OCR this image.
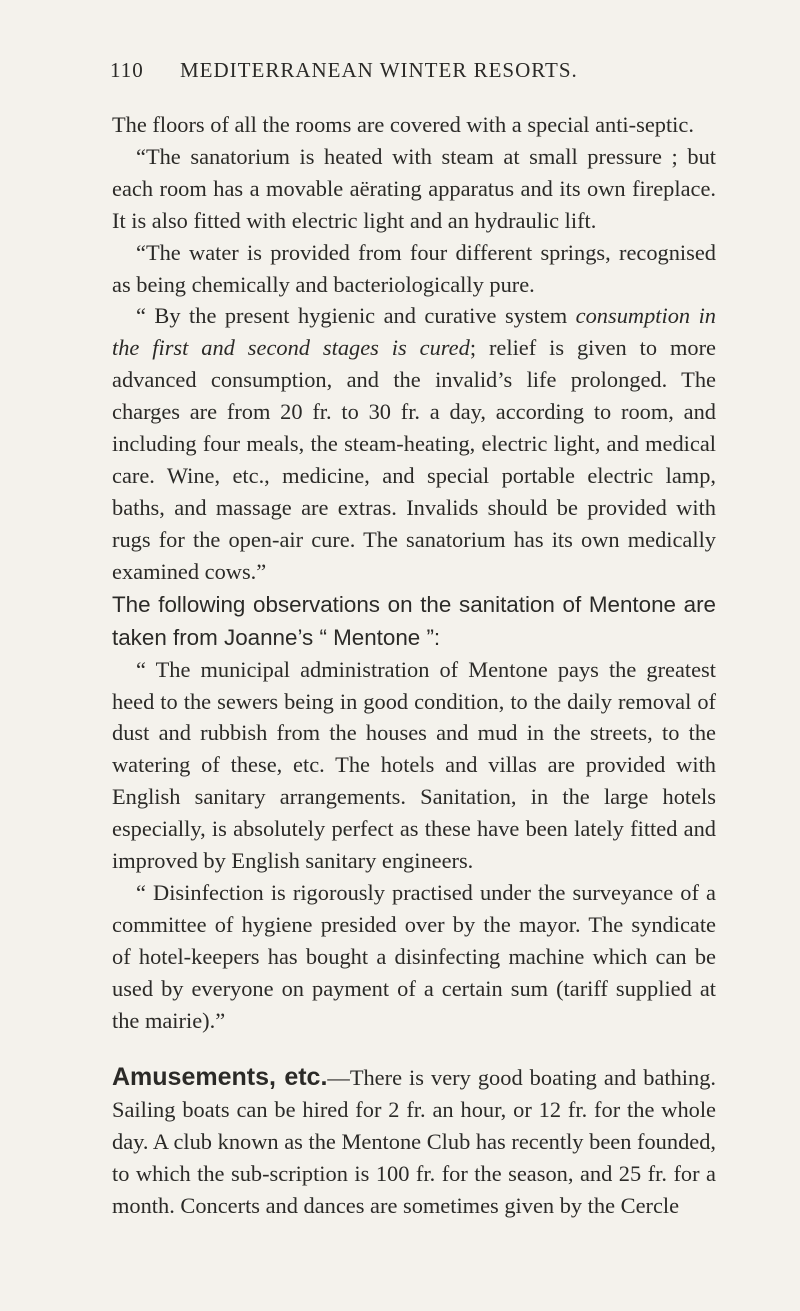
110 MEDITERRANEAN WINTER RESORTS.

The floors of all the rooms are covered with a special anti-septic.

“The sanatorium is heated with steam at small pressure ; but each room has a movable aërating apparatus and its own fireplace. It is also fitted with electric light and an hydraulic lift.

“The water is provided from four different springs, recognised as being chemically and bacteriologically pure.

“ By the present hygienic and curative system consumption in the first and second stages is cured; relief is given to more advanced consumption, and the invalid’s life prolonged. The charges are from 20 fr. to 30 fr. a day, according to room, and including four meals, the steam-heating, electric light, and medical care. Wine, etc., medicine, and special portable electric lamp, baths, and massage are extras. Invalids should be provided with rugs for the open-air cure. The sanatorium has its own medically examined cows.”

The following observations on the sanitation of Mentone are taken from Joanne’s “ Mentone ”:

“ The municipal administration of Mentone pays the greatest heed to the sewers being in good condition, to the daily removal of dust and rubbish from the houses and mud in the streets, to the watering of these, etc. The hotels and villas are provided with English sanitary arrangements. Sanitation, in the large hotels especially, is absolutely perfect as these have been lately fitted and improved by English sanitary engineers.

“ Disinfection is rigorously practised under the surveyance of a committee of hygiene presided over by the mayor. The syndicate of hotel-keepers has bought a disinfecting machine which can be used by everyone on payment of a certain sum (tariff supplied at the mairie).”

Amusements, etc.—There is very good boating and bathing. Sailing boats can be hired for 2 fr. an hour, or 12 fr. for the whole day. A club known as the Mentone Club has recently been founded, to which the sub-scription is 100 fr. for the season, and 25 fr. for a month. Concerts and dances are sometimes given by the Cercle
